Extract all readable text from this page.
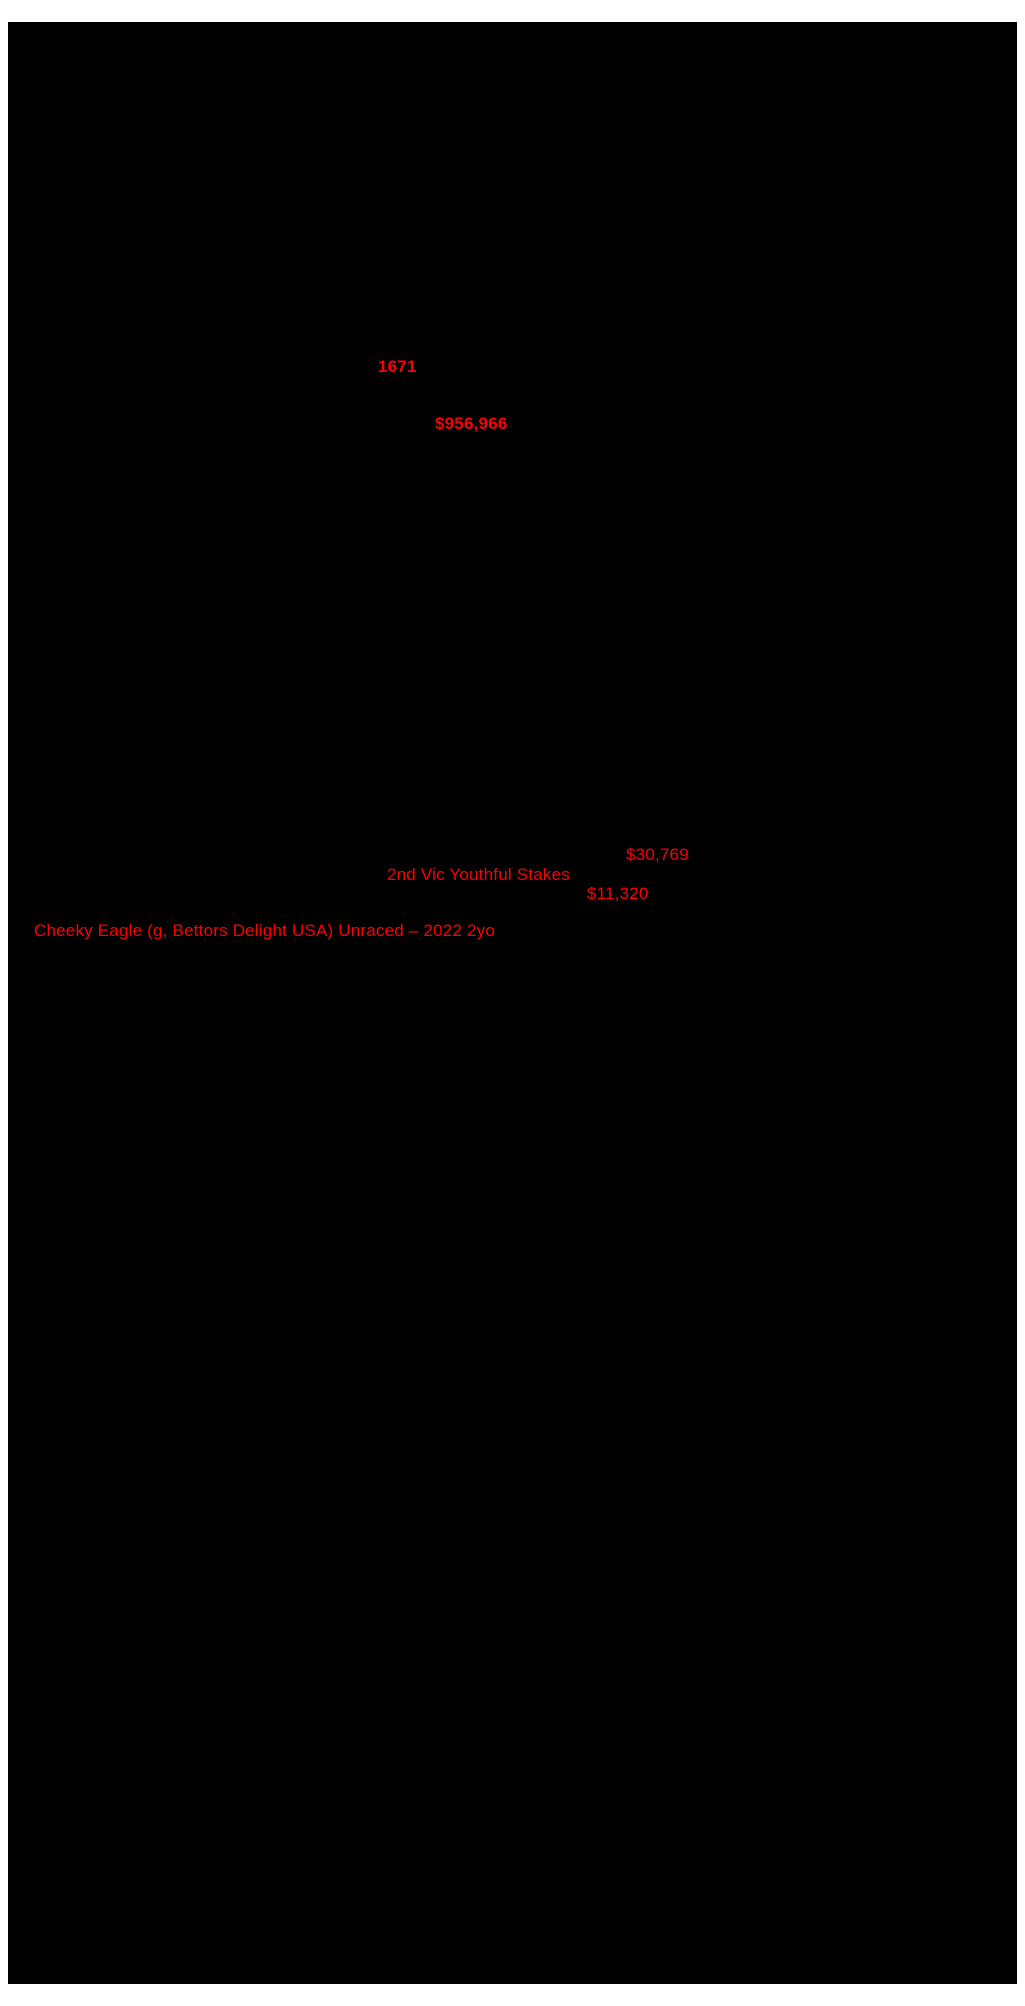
1671
$956,966
$30,769
2nd Vic Youthful Stakes
$11,320
Cheeky Eagle (g, Bettors Delight USA) Unraced – 2022 2yo
